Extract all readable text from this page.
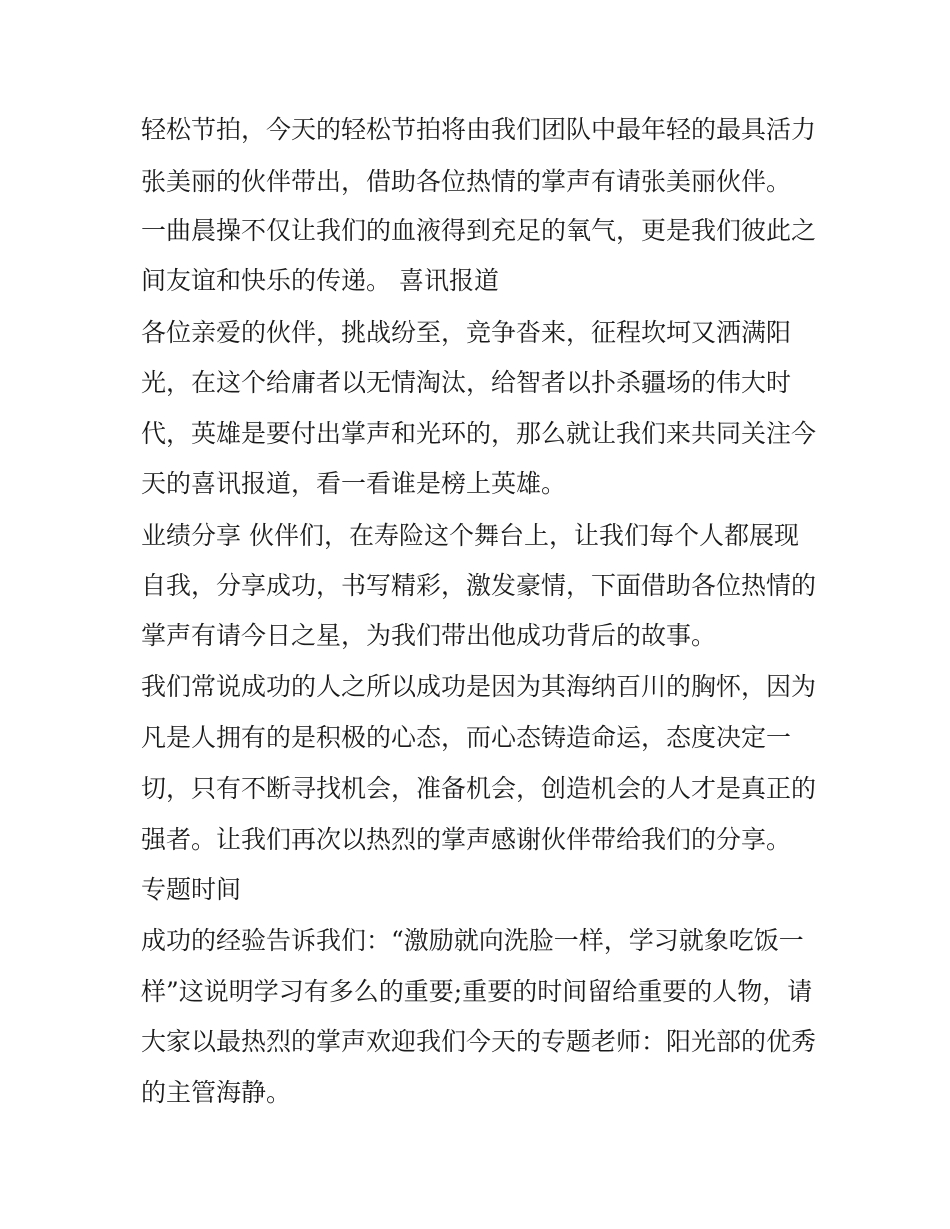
轻松节拍，今天的轻松节拍将由我们团队中最年轻的最具活力
张美丽的伙伴带出，借助各位热情的掌声有请张美丽伙伴。
一曲晨操不仅让我们的血液得到充足的氧气，更是我们彼此之
间友谊和快乐的传递。 喜讯报道
各位亲爱的伙伴，挑战纷至，竞争沓来，征程坎坷又洒满阳
光，在这个给庸者以无情淘汰，给智者以扑杀疆场的伟大时
代，英雄是要付出掌声和光环的，那么就让我们来共同关注今
天的喜讯报道，看一看谁是榜上英雄。
业绩分享 伙伴们，在寿险这个舞台上，让我们每个人都展现
自我，分享成功，书写精彩，激发豪情，下面借助各位热情的
掌声有请今日之星，为我们带出他成功背后的故事。
我们常说成功的人之所以成功是因为其海纳百川的胸怀，因为
凡是人拥有的是积极的心态，而心态铸造命运，态度决定一
切，只有不断寻找机会，准备机会，创造机会的人才是真正的
强者。让我们再次以热烈的掌声感谢伙伴带给我们的分享。
专题时间
成功的经验告诉我们：“激励就向洗脸一样，学习就象吃饭一
样”这说明学习有多么的重要;重要的时间留给重要的人物，请
大家以最热烈的掌声欢迎我们今天的专题老师：阳光部的优秀
的主管海静。
